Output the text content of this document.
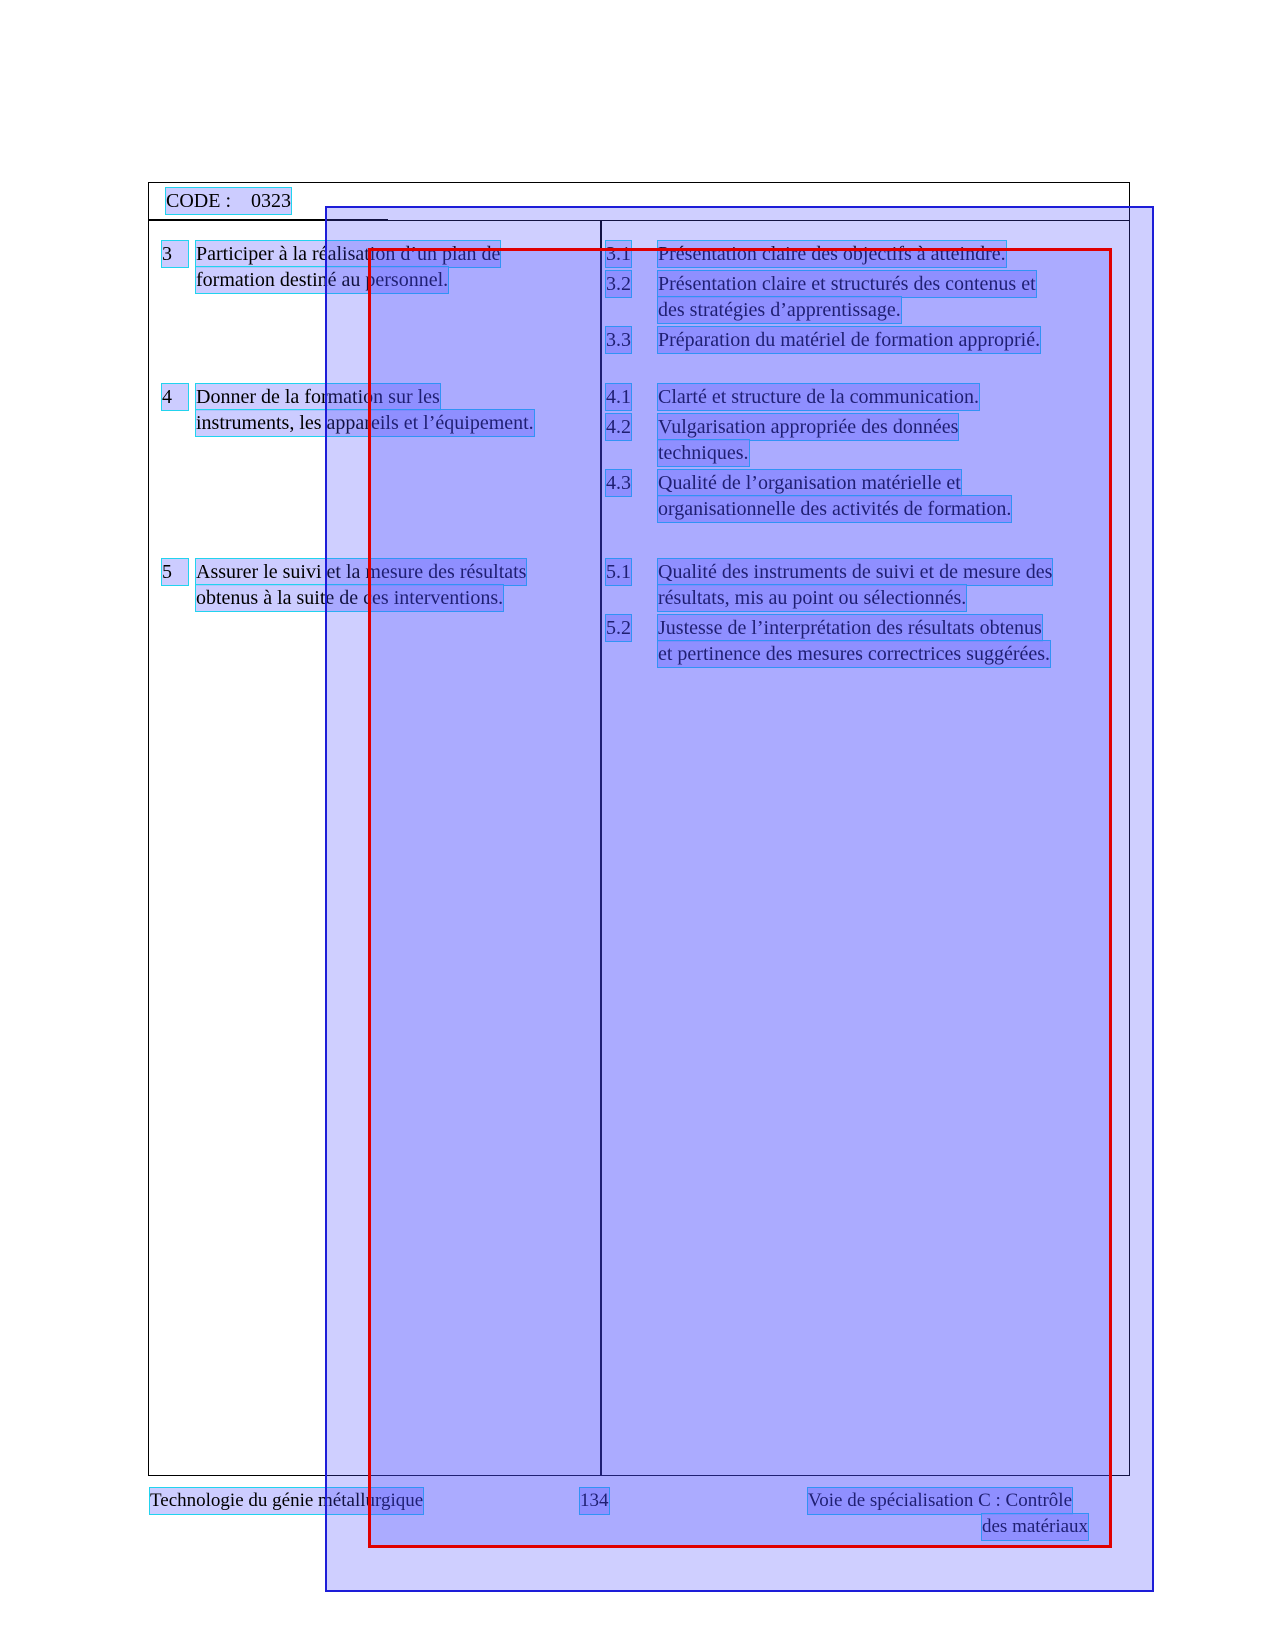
CODE :    0323
3	Participer à la réalisation d’un plan de
formation destiné au personnel.
3.1 Présentation claire des objectifs à atteindre.
3.2 Présentation claire et structurés des contenus et
des stratégies d’apprentissage.
3.3 Préparation du matériel de formation approprié.
4	Donner de la formation sur les
instruments, les appareils et l’équipement.
4.1 Clarté et structure de la communication.
4.2 Vulgarisation appropriée des données
techniques.
4.3 Qualité de l’organisation matérielle et
organisationnelle des activités de formation.
5	Assurer le suivi et la mesure des résultats
obtenus à la suite de ces interventions.
5.1 Qualité des instruments de suivi et de mesure des
résultats, mis au point ou sélectionnés.
5.2 Justesse de l’interprétation des résultats obtenus
et pertinence des mesures correctrices suggérées.
Technologie du génie métallurgique	134	Voie de spécialisation C : Contrôle
des matériaux
